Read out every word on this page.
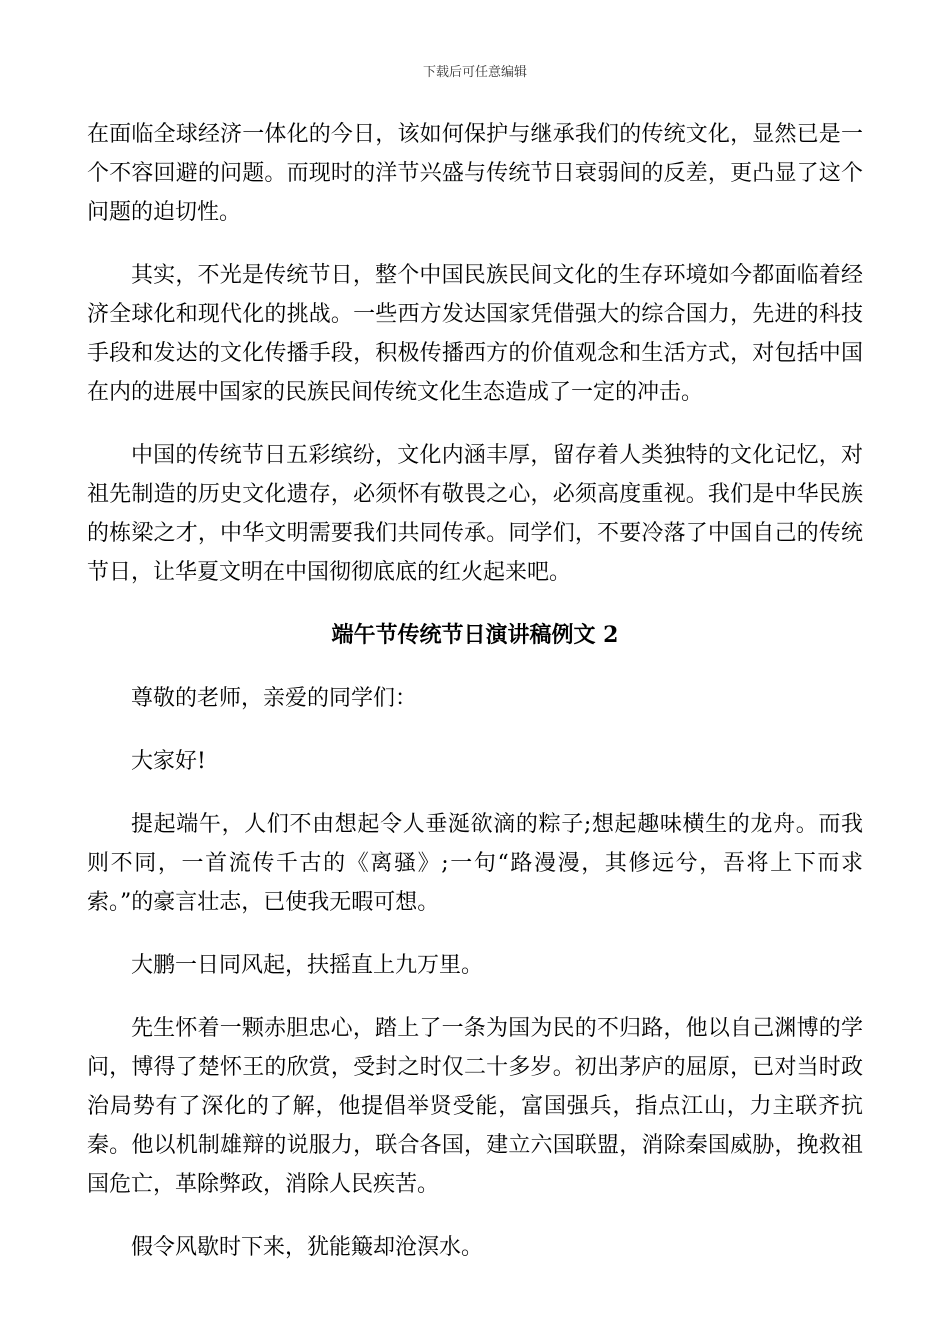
下载后可任意编辑

在面临全球经济一体化的今日，该如何保护与继承我们的传统文化，显然已是一个不容回避的问题。而现时的洋节兴盛与传统节日衰弱间的反差，更凸显了这个问题的迫切性。

其实，不光是传统节日，整个中国民族民间文化的生存环境如今都面临着经济全球化和现代化的挑战。一些西方发达国家凭借强大的综合国力，先进的科技手段和发达的文化传播手段，积极传播西方的价值观念和生活方式，对包括中国在内的进展中国家的民族民间传统文化生态造成了一定的冲击。

中国的传统节日五彩缤纷，文化内涵丰厚，留存着人类独特的文化记忆，对祖先制造的历史文化遗存，必须怀有敬畏之心，必须高度重视。我们是中华民族的栋梁之才，中华文明需要我们共同传承。同学们，不要冷落了中国自己的传统节日，让华夏文明在中国彻彻底底的红火起来吧。

端午节传统节日演讲稿例文 2

尊敬的老师，亲爱的同学们：

大家好!

提起端午，人们不由想起令人垂涎欲滴的粽子;想起趣味横生的龙舟。而我则不同，一首流传千古的《离骚》;一句“路漫漫，其修远兮，吾将上下而求索。”的豪言壮志，已使我无暇可想。

大鹏一日同风起，扶摇直上九万里。

先生怀着一颗赤胆忠心，踏上了一条为国为民的不归路，他以自己渊博的学问，博得了楚怀王的欣赏，受封之时仅二十多岁。初出茅庐的屈原，已对当时政治局势有了深化的了解，他提倡举贤受能，富国强兵，指点江山，力主联齐抗秦。他以机制雄辩的说服力，联合各国，建立六国联盟，消除秦国威胁，挽救祖国危亡，革除弊政，消除人民疾苦。

假令风歇时下来，犹能簸却沧溟水。
